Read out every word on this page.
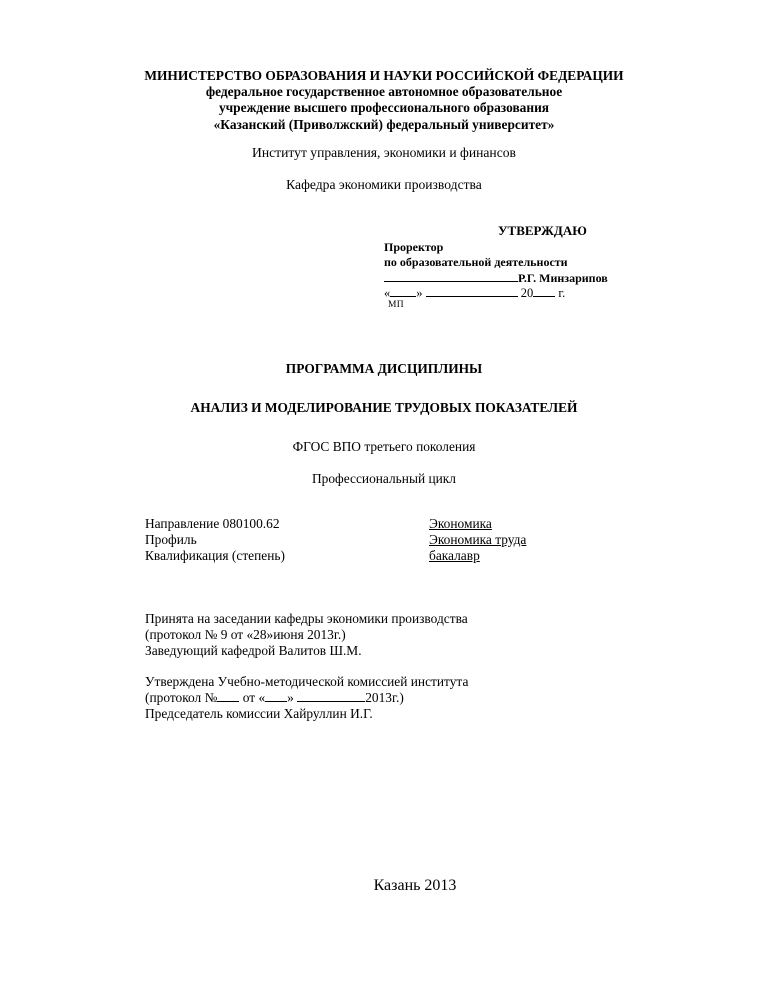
МИНИСТЕРСТВО ОБРАЗОВАНИЯ И НАУКИ РОССИЙСКОЙ ФЕДЕРАЦИИ
федеральное государственное автономное образовательное
учреждение высшего профессионального образования
«Казанский (Приволжский) федеральный университет»
Институт управления, экономики и финансов
Кафедра экономики производства
УТВЕРЖДАЮ
Проректор
по образовательной деятельности
Р.Г. Минзарипов
« »	20 г.
МП
ПРОГРАММА ДИСЦИПЛИНЫ
АНАЛИЗ И МОДЕЛИРОВАНИЕ ТРУДОВЫХ ПОКАЗАТЕЛЕЙ
ФГОС ВПО третьего поколения
Профессиональный цикл
Направление 080100.62
Профиль
Квалификация (степень)
Экономика
Экономика труда
бакалавр
Принята на заседании кафедры экономики производства
(протокол № 9 от «28»июня 2013г.)
Заведующий кафедрой Валитов Ш.М.
Утверждена Учебно-методической комиссией института
(протокол № от « »	2013г.)
Председатель комиссии Хайруллин И.Г.
Казань 2013
